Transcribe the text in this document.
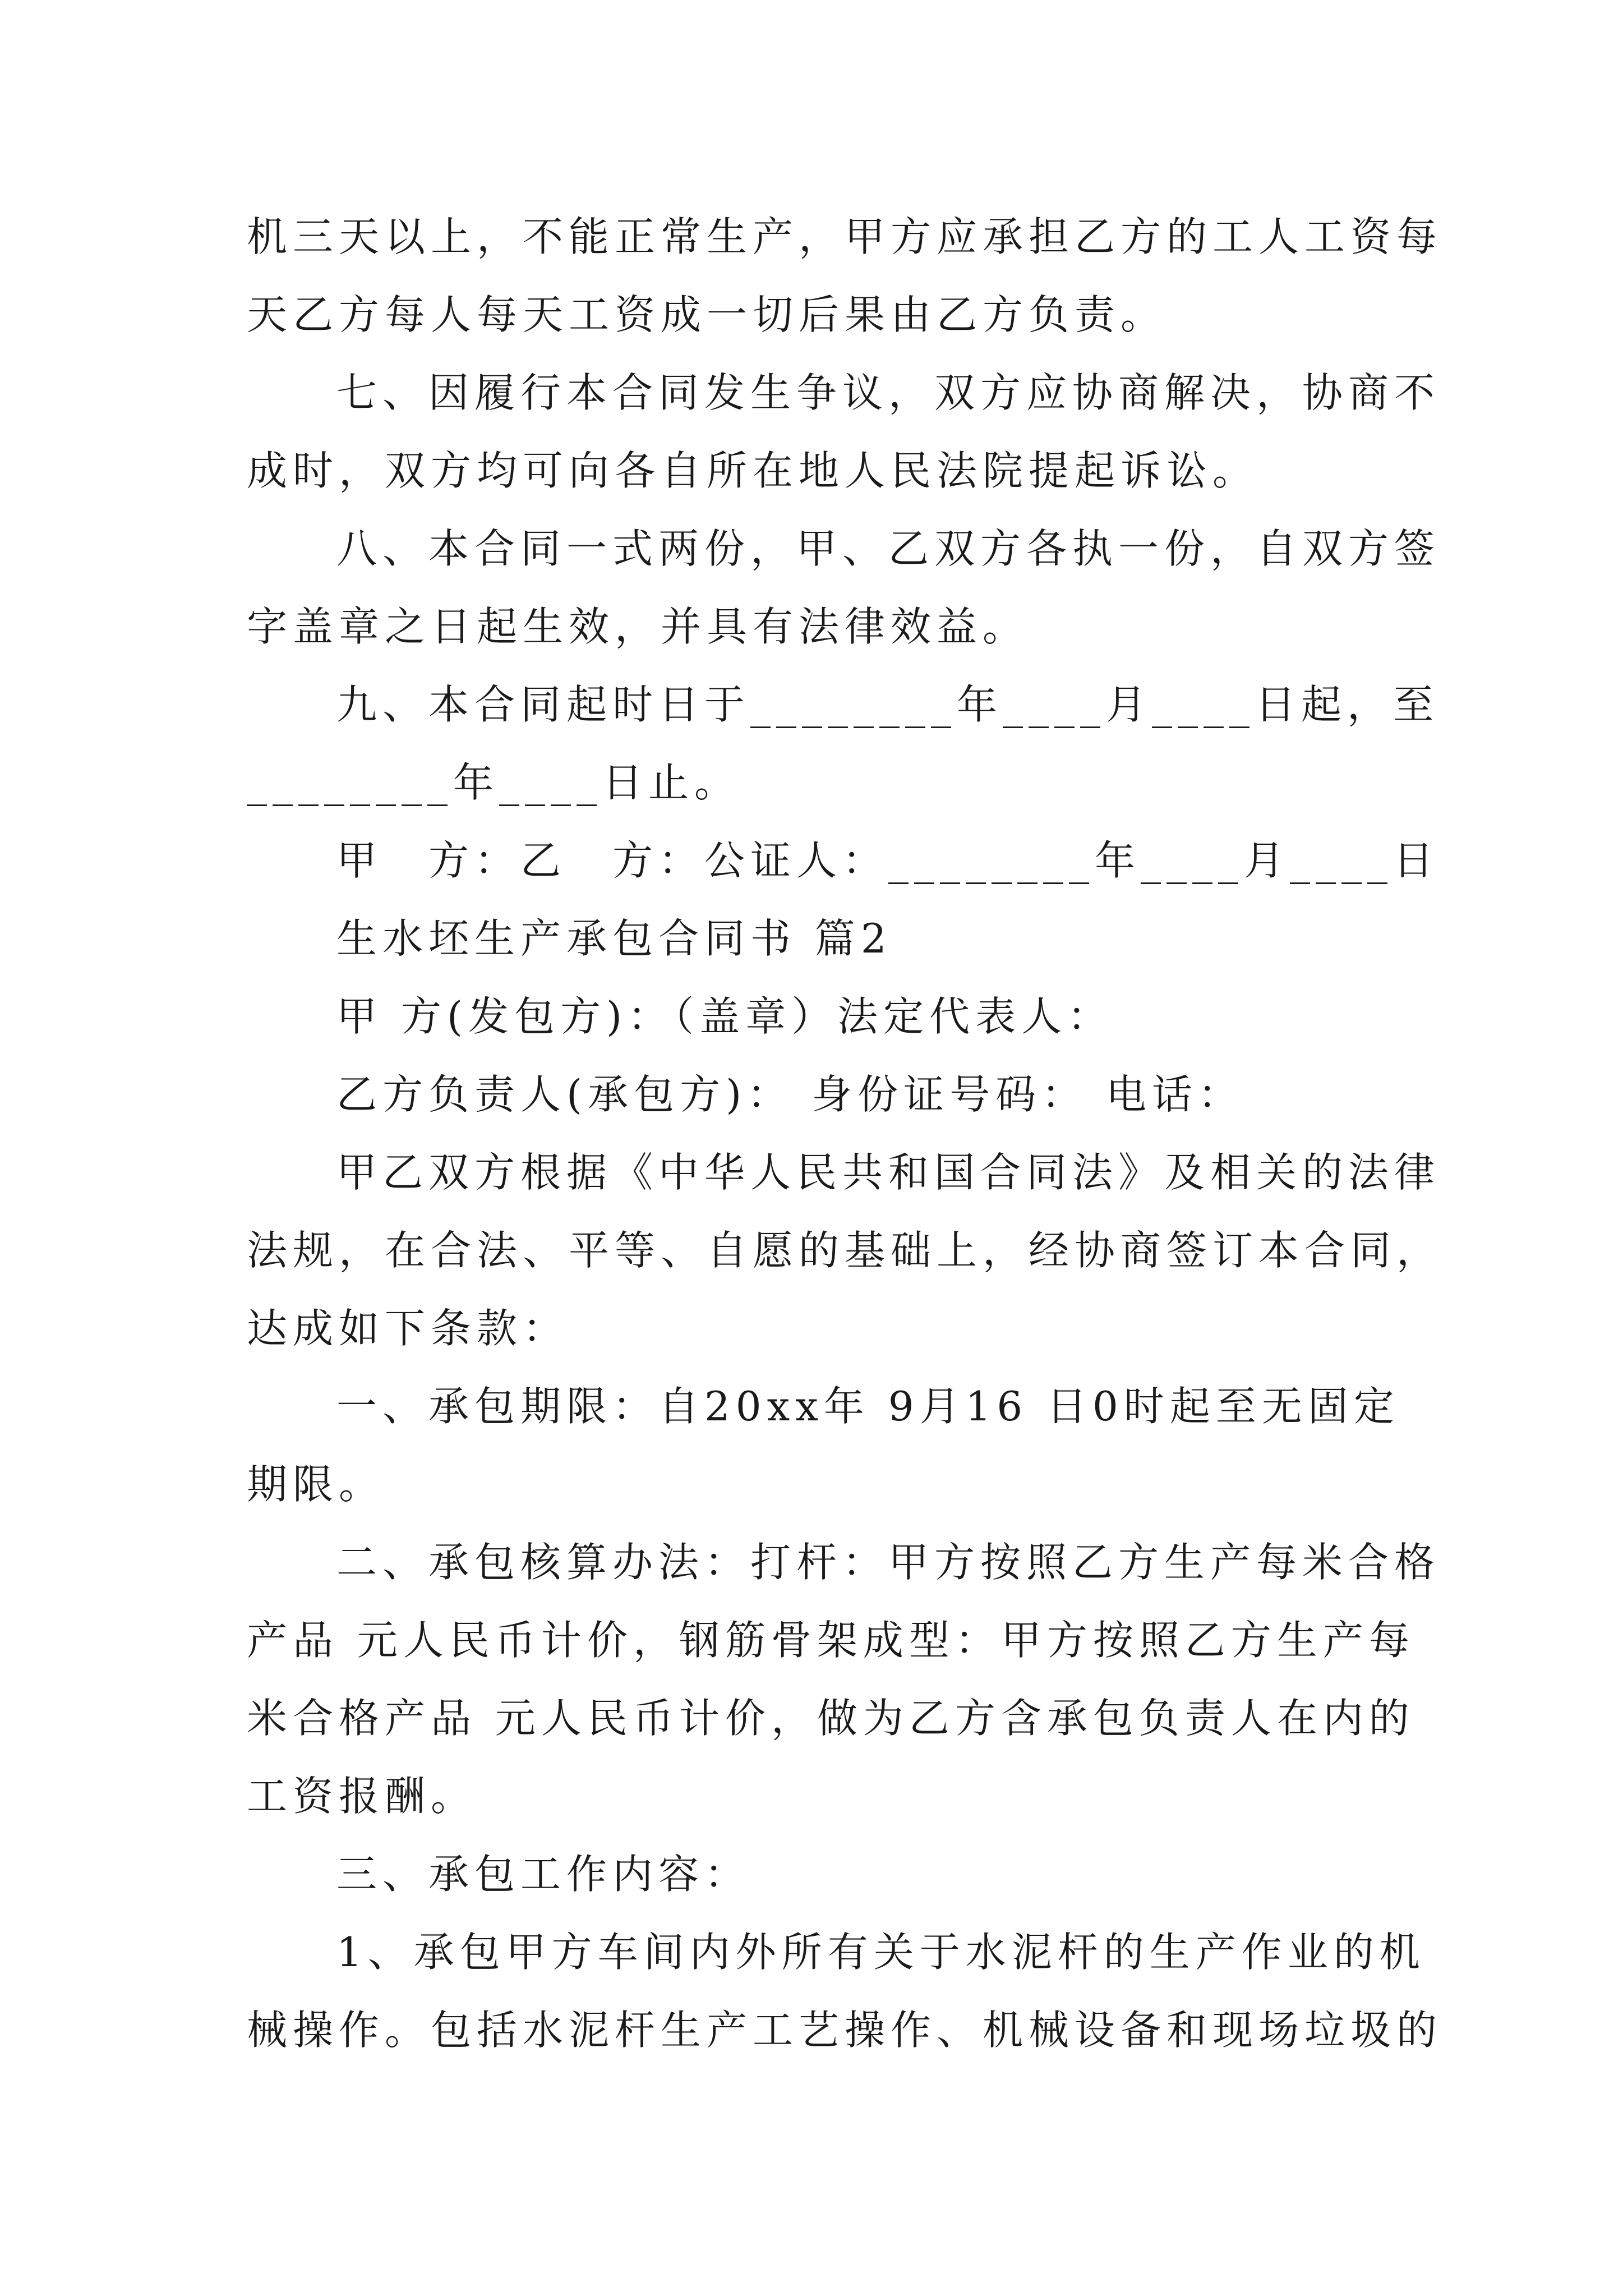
机三天以上，不能正常生产，甲方应承担乙方的工人工资每

天乙方每人每天工资成一切后果由乙方负责。

七、因履行本合同发生争议，双方应协商解决，协商不

成时，双方均可向各自所在地人民法院提起诉讼。

八、本合同一式两份，甲、乙双方各执一份，自双方签

字盖章之日起生效，并具有法律效益。

九、本合同起时日于________年____月____日起，至

________年____日止。

甲　方：乙　方：公证人：________年____月____日

生水坯生产承包合同书 篇2

甲 方(发包方)：（盖章）法定代表人：

乙方负责人(承包方)： 身份证号码： 电话：

甲乙双方根据《中华人民共和国合同法》及相关的法律

法规，在合法、平等、自愿的基础上，经协商签订本合同，

达成如下条款：

一、承包期限：自20xx年 9月16 日0时起至无固定

期限。

二、承包核算办法：打杆：甲方按照乙方生产每米合格

产品 元人民币计价，钢筋骨架成型：甲方按照乙方生产每

米合格产品 元人民币计价，做为乙方含承包负责人在内的

工资报酬。

三、承包工作内容：

1、承包甲方车间内外所有关于水泥杆的生产作业的机

械操作。包括水泥杆生产工艺操作、机械设备和现场垃圾的
